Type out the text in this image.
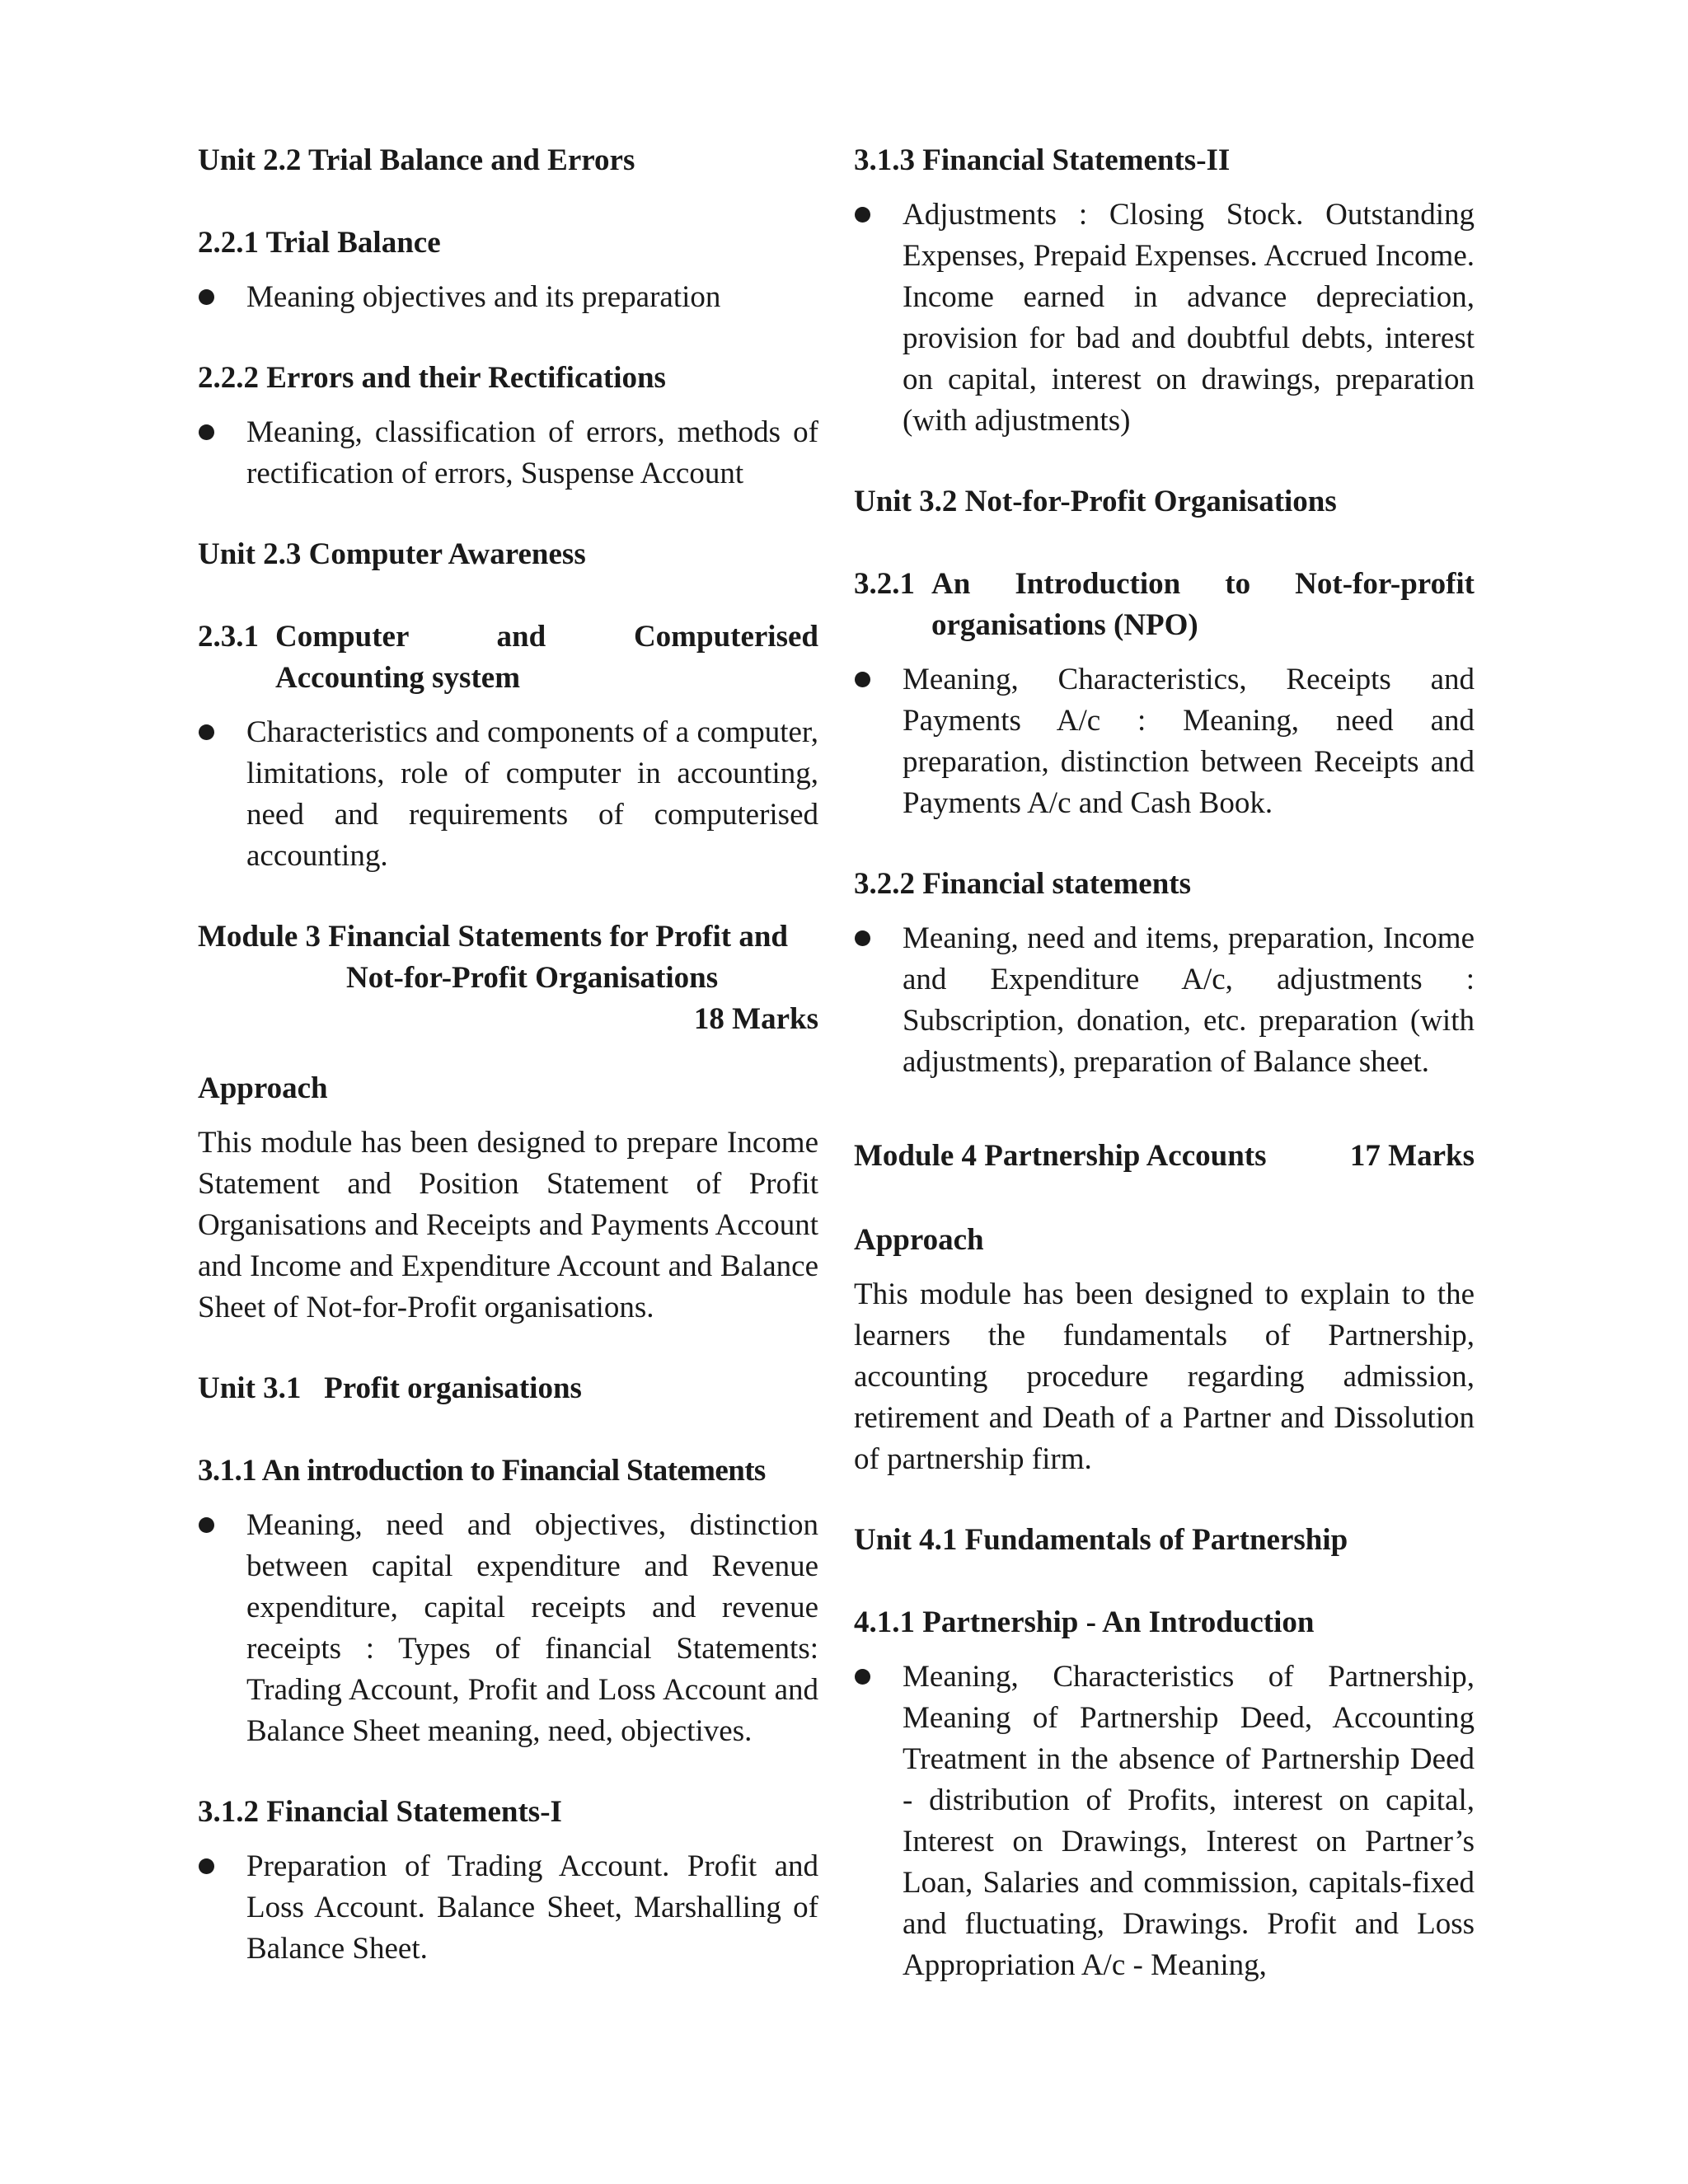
Unit 2.2 Trial Balance and Errors

2.2.1 Trial Balance

Meaning objectives and its preparation

2.2.2 Errors and their Rectifications

Meaning, classification of errors, methods of rectification of errors, Suspense Account

Unit 2.3 Computer Awareness

2.3.1 Computer and Computerised
Accounting system
Characteristics and components of a computer, limitations, role of computer in accounting, need and requirements of computerised accounting.
Module 3 Financial Statements for Profit and
Not-for-Profit Organisations
18 Marks

Approach

This module has been designed to prepare Income Statement and Position Statement of Profit Organisations and Receipts and Payments Account and Income and Expenditure Account and Balance Sheet of Not-for-Profit organisations.

Unit 3.1 Profit organisations

3.1.1 An introduction to Financial Statements

Meaning, need and objectives, distinction between capital expenditure and Revenue expenditure, capital receipts and revenue receipts : Types of financial Statements: Trading Account, Profit and Loss Account and Balance Sheet meaning, need, objectives.

3.1.2 Financial Statements-I

Preparation of Trading Account. Profit and Loss Account. Balance Sheet, Marshalling of Balance Sheet.

3.1.3 Financial Statements-II

Adjustments : Closing Stock. Outstanding Expenses, Prepaid Expenses. Accrued Income. Income earned in advance depreciation, provision for bad and doubtful debts, interest on capital, interest on drawings, preparation (with adjustments)

Unit 3.2 Not-for-Profit Organisations

3.2.1 An Introduction to Not-for-profit
organisations (NPO)
Meaning, Characteristics, Receipts and Payments A/c : Meaning, need and preparation, distinction between Receipts and Payments A/c and Cash Book.

3.2.2 Financial statements

Meaning, need and items, preparation, Income and Expenditure A/c, adjustments : Subscription, donation, etc. preparation (with adjustments), preparation of Balance sheet.
Module 4 Partnership Accounts	17 Marks

Approach

This module has been designed to explain to the learners the fundamentals of Partnership, accounting procedure regarding admission, retirement and Death of a Partner and Dissolution of partnership firm.

Unit 4.1 Fundamentals of Partnership

4.1.1 Partnership - An Introduction

Meaning, Characteristics of Partnership, Meaning of Partnership Deed, Accounting Treatment in the absence of Partnership Deed - distribution of Profits, interest on capital, Interest on Drawings, Interest on Partner’s Loan, Salaries and commission, capitals-fixed and fluctuating, Drawings. Profit and Loss Appropriation A/c - Meaning,
